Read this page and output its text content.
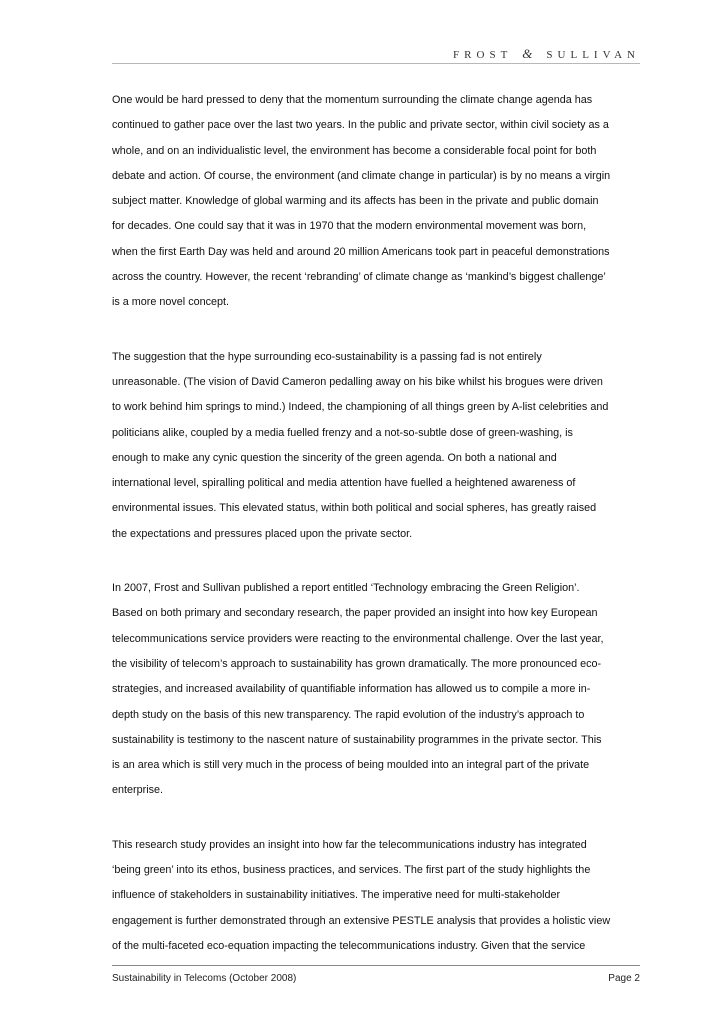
FROST & SULLIVAN

One would be hard pressed to deny that the momentum surrounding the climate change agenda has
continued to gather pace over the last two years. In the public and private sector, within civil society as a
whole, and on an individualistic level, the environment has become a considerable focal point for both
debate and action. Of course, the environment (and climate change in particular) is by no means a virgin
subject matter. Knowledge of global warming and its affects has been in the private and public domain
for decades. One could say that it was in 1970 that the modern environmental movement was born,
when the first Earth Day was held and around 20 million Americans took part in peaceful demonstrations
across the country. However, the recent ‘rebranding’ of climate change as ‘mankind’s biggest challenge’
is a more novel concept.

The suggestion that the hype surrounding eco-sustainability is a passing fad is not entirely
unreasonable. (The vision of David Cameron pedalling away on his bike whilst his brogues were driven
to work behind him springs to mind.) Indeed, the championing of all things green by A-list celebrities and
politicians alike, coupled by a media fuelled frenzy and a not-so-subtle dose of green-washing, is
enough to make any cynic question the sincerity of the green agenda. On both a national and
international level, spiralling political and media attention have fuelled a heightened awareness of
environmental issues. This elevated status, within both political and social spheres, has greatly raised
the expectations and pressures placed upon the private sector.

In 2007, Frost and Sullivan published a report entitled ‘Technology embracing the Green Religion’.
Based on both primary and secondary research, the paper provided an insight into how key European
telecommunications service providers were reacting to the environmental challenge. Over the last year,
the visibility of telecom’s approach to sustainability has grown dramatically. The more pronounced eco-
strategies, and increased availability of quantifiable information has allowed us to compile a more in-
depth study on the basis of this new transparency. The rapid evolution of the industry’s approach to
sustainability is testimony to the nascent nature of sustainability programmes in the private sector. This
is an area which is still very much in the process of being moulded into an integral part of the private
enterprise.

This research study provides an insight into how far the telecommunications industry has integrated
‘being green’ into its ethos, business practices, and services. The first part of the study highlights the
influence of stakeholders in sustainability initiatives. The imperative need for multi-stakeholder
engagement is further demonstrated through an extensive PESTLE analysis that provides a holistic view
of the multi-faceted eco-equation impacting the telecommunications industry. Given that the service

Sustainability in Telecoms (October 2008)	Page 2
